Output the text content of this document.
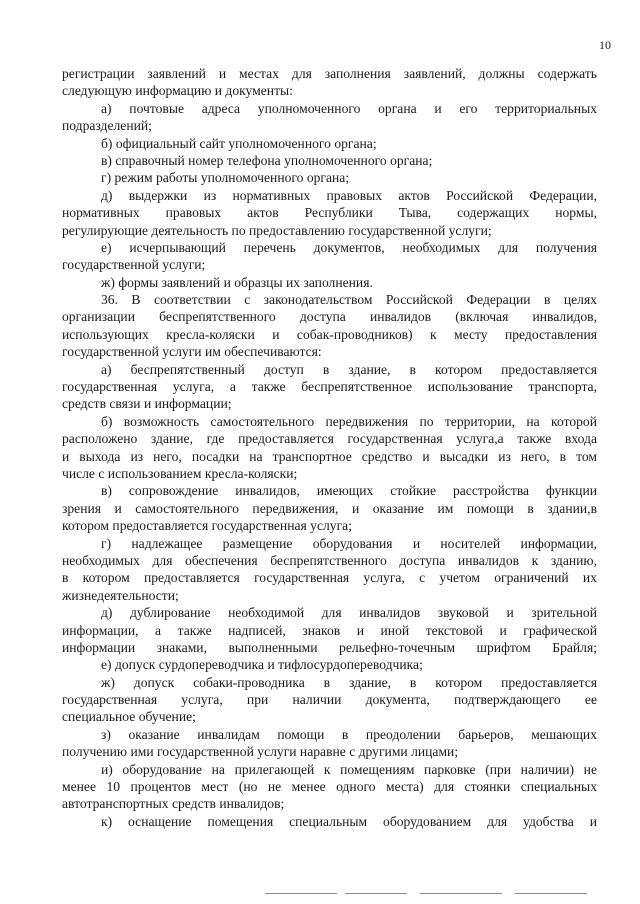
10
регистрации заявлений и местах для заполнения заявлений, должны содержать
следующую информацию и документы:
а) почтовые адреса уполномоченного органа и его территориальных
подразделений;
б) официальный сайт уполномоченного органа;
в) справочный номер телефона уполномоченного органа;
г) режим работы уполномоченного органа;
д) выдержки из нормативных правовых актов Российской Федерации,
нормативных правовых актов Республики Тыва, содержащих нормы,
регулирующие деятельность по предоставлению государственной услуги;
е) исчерпывающий перечень документов, необходимых для получения
государственной услуги;
ж) формы заявлений и образцы их заполнения.
36. В соответствии с законодательством Российской Федерации в целях
организации беспрепятственного доступа инвалидов (включая инвалидов,
использующих кресла-коляски и собак-проводников) к месту предоставления
государственной услуги им обеспечиваются:
а) беспрепятственный доступ в здание, в котором предоставляется
государственная услуга, а также беспрепятственное использование транспорта,
средств связи и информации;
б) возможность самостоятельного передвижения по территории, на которой
расположено здание, где предоставляется государственная услуга,а также входа
и выхода из него, посадки на транспортное средство и высадки из него, в том
числе с использованием кресла-коляски;
в) сопровождение инвалидов, имеющих стойкие расстройства функции
зрения и самостоятельного передвижения, и оказание им помощи в здании,в
котором предоставляется государственная услуга;
г) надлежащее размещение оборудования и носителей информации,
необходимых для обеспечения беспрепятственного доступа инвалидов к зданию,
в котором предоставляется государственная услуга, с учетом ограничений их
жизнедеятельности;
д) дублирование необходимой для инвалидов звуковой и зрительной
информации, а также надписей, знаков и иной текстовой и графической
информации знаками, выполненными рельефно-точечным шрифтом Брайля;
е) допуск сурдопереводчика и тифлосурдопереводчика;
ж) допуск собаки-проводника в здание, в котором предоставляется
государственная услуга, при наличии документа, подтверждающего ее
специальное обучение;
з) оказание инвалидам помощи в преодолении барьеров, мешающих
получению ими государственной услуги наравне с другими лицами;
и) оборудование на прилегающей к помещениям парковке (при наличии) не
менее 10 процентов мест (но не менее одного места) для стоянки специальных
автотранспортных средств инвалидов;
к) оснащение помещения специальным оборудованием для удобства и
